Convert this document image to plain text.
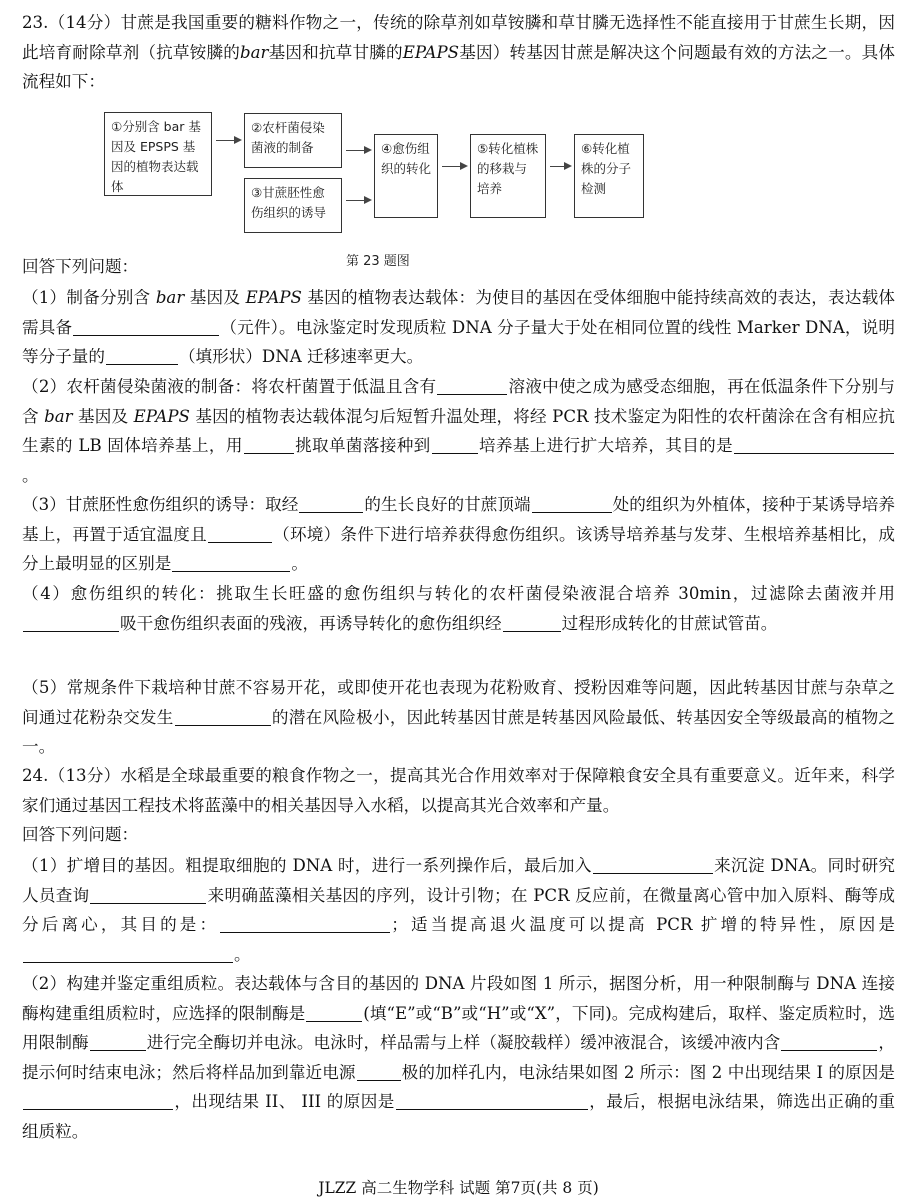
23.（14分）甘蔗是我国重要的糖料作物之一，传统的除草剂如草铵膦和草甘膦无选择性不能直接用于甘蔗生长期，因此培育耐除草剂（抗草铵膦的bar基因和抗草甘膦的EPAPS基因）转基因甘蔗是解决这个问题最有效的方法之一。具体流程如下：
①分别含 bar 基因及 EPSPS 基因的植物表达载体
②农杆菌侵染菌液的制备
③甘蔗胚性愈伤组织的诱导
④愈伤组织的转化
⑤转化植株的移栽与培养
⑥转化植株的分子检测
第 23 题图
回答下列问题：
（1）制备分别含 bar 基因及 EPAPS 基因的植物表达载体：为使目的基因在受体细胞中能持续高效的表达，表达载体需具备	（元件）。电泳鉴定时发现质粒 DNA 分子量大于处在相同位置的线性 Marker DNA，说明等分子量的	（填形状）DNA 迁移速率更大。
（2）农杆菌侵染菌液的制备：将农杆菌置于低温且含有	溶液中使之成为感受态细胞，再在低温条件下分别与含 bar 基因及 EPAPS 基因的植物表达载体混匀后短暂升温处理，将经 PCR 技术鉴定为阳性的农杆菌涂在含有相应抗生素的 LB 固体培养基上，用	挑取单菌落接种到	培养基上进行扩大培养，其目的是。
（3）甘蔗胚性愈伤组织的诱导：取经	的生长良好的甘蔗顶端	处的组织为外植体，接种于某诱导培养基上，再置于适宜温度且	（环境）条件下进行培养获得愈伤组织。该诱导培养基与发芽、生根培养基相比，成分上最明显的区别是	。
（4）愈伤组织的转化：挑取生长旺盛的愈伤组织与转化的农杆菌侵染液混合培养 30min，过滤除去菌液并用吸干愈伤组织表面的残液，再诱导转化的愈伤组织经	过程形成转化的甘蔗试管苗。
（5）常规条件下栽培种甘蔗不容易开花，或即使开花也表现为花粉败育、授粉因难等问题，因此转基因甘蔗与杂草之间通过花粉杂交发生	的潜在风险极小，因此转基因甘蔗是转基因风险最低、转基因安全等级最高的植物之一。
24.（13分）水稻是全球最重要的粮食作物之一，提高其光合作用效率对于保障粮食安全具有重要意义。近年来，科学家们通过基因工程技术将蓝藻中的相关基因导入水稻，以提高其光合效率和产量。
回答下列问题：
（1）扩增目的基因。粗提取细胞的 DNA 时，进行一系列操作后，最后加入	来沉淀 DNA。同时研究人员查询	来明确蓝藻相关基因的序列，设计引物；在 PCR 反应前，在微量离心管中加入原料、酶等成分后离心，其目的是：	；适当提高退火温度可以提高 PCR 扩增的特异性，原因是。
（2）构建并鉴定重组质粒。表达载体与含目的基因的 DNA 片段如图 1 所示，据图分析，用一种限制酶与 DNA 连接酶构建重组质粒时，应选择的限制酶是	(填“E”或“B”或“H”或“X”，下同)。完成构建后，取样、鉴定质粒时，选用限制酶	进行完全酶切并电泳。电泳时，样品需与上样（凝胶载样）缓冲液混合，该缓冲液内含	，提示何时结束电泳；然后将样品加到靠近电源	极的加样孔内，电泳结果如图 2 所示：图 2 中出现结果 I 的原因是，出现结果 II、 III 的原因是	，最后，根据电泳结果，筛选出正确的重组质粒。
JLZZ 高二生物学科 试题 第7页(共 8 页)
